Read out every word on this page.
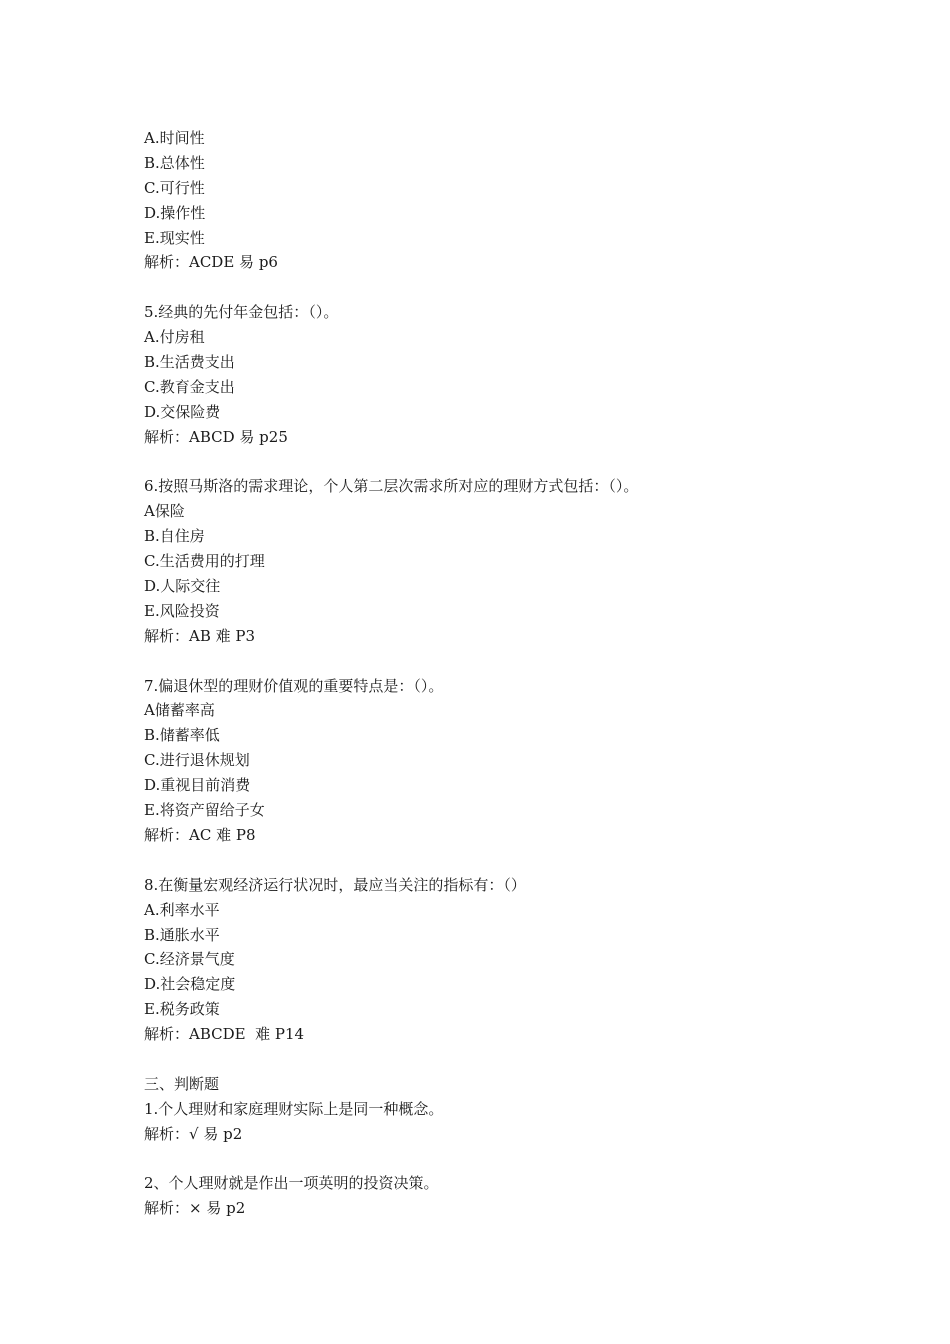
A.时间性
B.总体性
C.可行性
D.操作性
E.现实性
解析：ACDE 易 p6
5.经典的先付年金包括：（）。
A.付房租
B.生活费支出
C.教育金支出
D.交保险费
解析：ABCD 易 p25
6.按照马斯洛的需求理论，个人第二层次需求所对应的理财方式包括：（）。
A保险
B.自住房
C.生活费用的打理
D.人际交往
E.风险投资
解析：AB 难 P3
7.偏退休型的理财价值观的重要特点是：（）。
A储蓄率高
B.储蓄率低
C.进行退休规划
D.重视目前消费
E.将资产留给子女
解析：AC 难 P8
8.在衡量宏观经济运行状况时，最应当关注的指标有：（）
A.利率水平
B.通胀水平
C.经济景气度
D.社会稳定度
E.税务政策
解析：ABCDE  难 P14
三、判断题
1.个人理财和家庭理财实际上是同一种概念。
解析：√ 易 p2
2、个人理财就是作出一项英明的投资决策。
解析：× 易 p2
